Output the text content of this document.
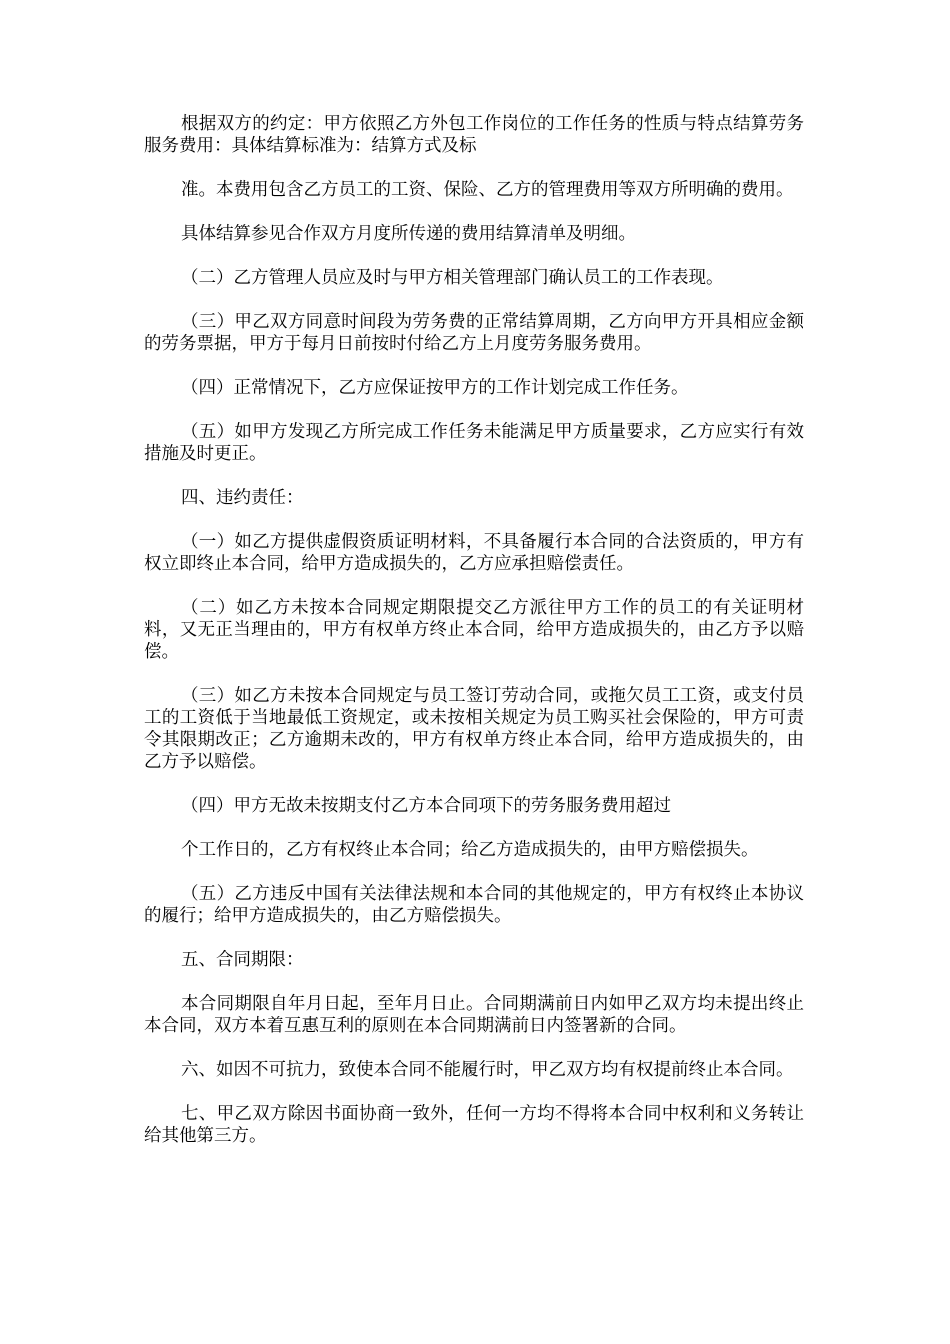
根据双方的约定：甲方依照乙方外包工作岗位的工作任务的性质与特点结算劳务服务费用：具体结算标准为：结算方式及标

准。本费用包含乙方员工的工资、保险、乙方的管理费用等双方所明确的费用。

具体结算参见合作双方月度所传递的费用结算清单及明细。

（二）乙方管理人员应及时与甲方相关管理部门确认员工的工作表现。

（三）甲乙双方同意时间段为劳务费的正常结算周期，乙方向甲方开具相应金额的劳务票据，甲方于每月日前按时付给乙方上月度劳务服务费用。

（四）正常情况下，乙方应保证按甲方的工作计划完成工作任务。

（五）如甲方发现乙方所完成工作任务未能满足甲方质量要求，乙方应实行有效措施及时更正。

四、违约责任：

（一）如乙方提供虚假资质证明材料，不具备履行本合同的合法资质的，甲方有权立即终止本合同，给甲方造成损失的，乙方应承担赔偿责任。

（二）如乙方未按本合同规定期限提交乙方派往甲方工作的员工的有关证明材料，又无正当理由的，甲方有权单方终止本合同，给甲方造成损失的，由乙方予以赔偿。

（三）如乙方未按本合同规定与员工签订劳动合同，或拖欠员工工资，或支付员工的工资低于当地最低工资规定，或未按相关规定为员工购买社会保险的，甲方可责令其限期改正；乙方逾期未改的，甲方有权单方终止本合同，给甲方造成损失的，由乙方予以赔偿。

（四）甲方无故未按期支付乙方本合同项下的劳务服务费用超过

个工作日的，乙方有权终止本合同；给乙方造成损失的，由甲方赔偿损失。

（五）乙方违反中国有关法律法规和本合同的其他规定的，甲方有权终止本协议的履行；给甲方造成损失的，由乙方赔偿损失。

五、合同期限：

本合同期限自年月日起，至年月日止。合同期满前日内如甲乙双方均未提出终止本合同，双方本着互惠互利的原则在本合同期满前日内签署新的合同。

六、如因不可抗力，致使本合同不能履行时，甲乙双方均有权提前终止本合同。

七、甲乙双方除因书面协商一致外，任何一方均不得将本合同中权利和义务转让给其他第三方。
